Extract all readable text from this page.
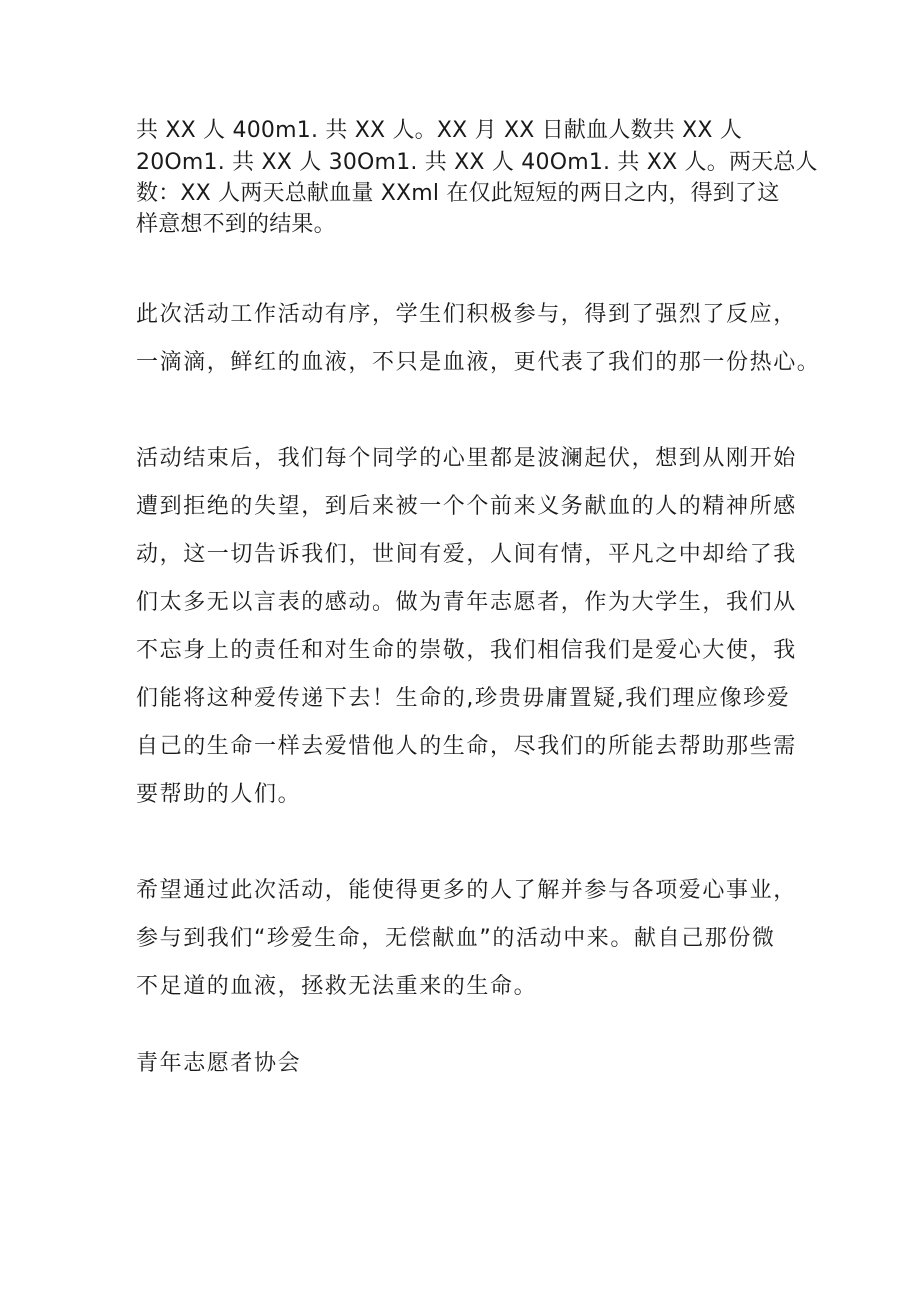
共 XX 人 400m1. 共 XX 人。XX 月 XX 日献血人数共 XX 人
20Om1. 共 XX 人 30Om1. 共 XX 人 40Om1. 共 XX 人。两天总人
数：XX 人两天总献血量 XXml 在仅此短短的两日之内，得到了这
样意想不到的结果。
此次活动工作活动有序，学生们积极参与，得到了强烈了反应，
一滴滴，鲜红的血液，不只是血液，更代表了我们的那一份热心。
活动结束后，我们每个同学的心里都是波澜起伏，想到从刚开始
遭到拒绝的失望，到后来被一个个前来义务献血的人的精神所感
动，这一切告诉我们，世间有爱，人间有情，平凡之中却给了我
们太多无以言表的感动。做为青年志愿者，作为大学生，我们从
不忘身上的责任和对生命的崇敬，我们相信我们是爱心大使，我
们能将这种爱传递下去！生命的,珍贵毋庸置疑,我们理应像珍爱
自己的生命一样去爱惜他人的生命，尽我们的所能去帮助那些需
要帮助的人们。
希望通过此次活动，能使得更多的人了解并参与各项爱心事业，
参与到我们“珍爱生命，无偿献血”的活动中来。献自己那份微
不足道的血液，拯救无法重来的生命。
青年志愿者协会
